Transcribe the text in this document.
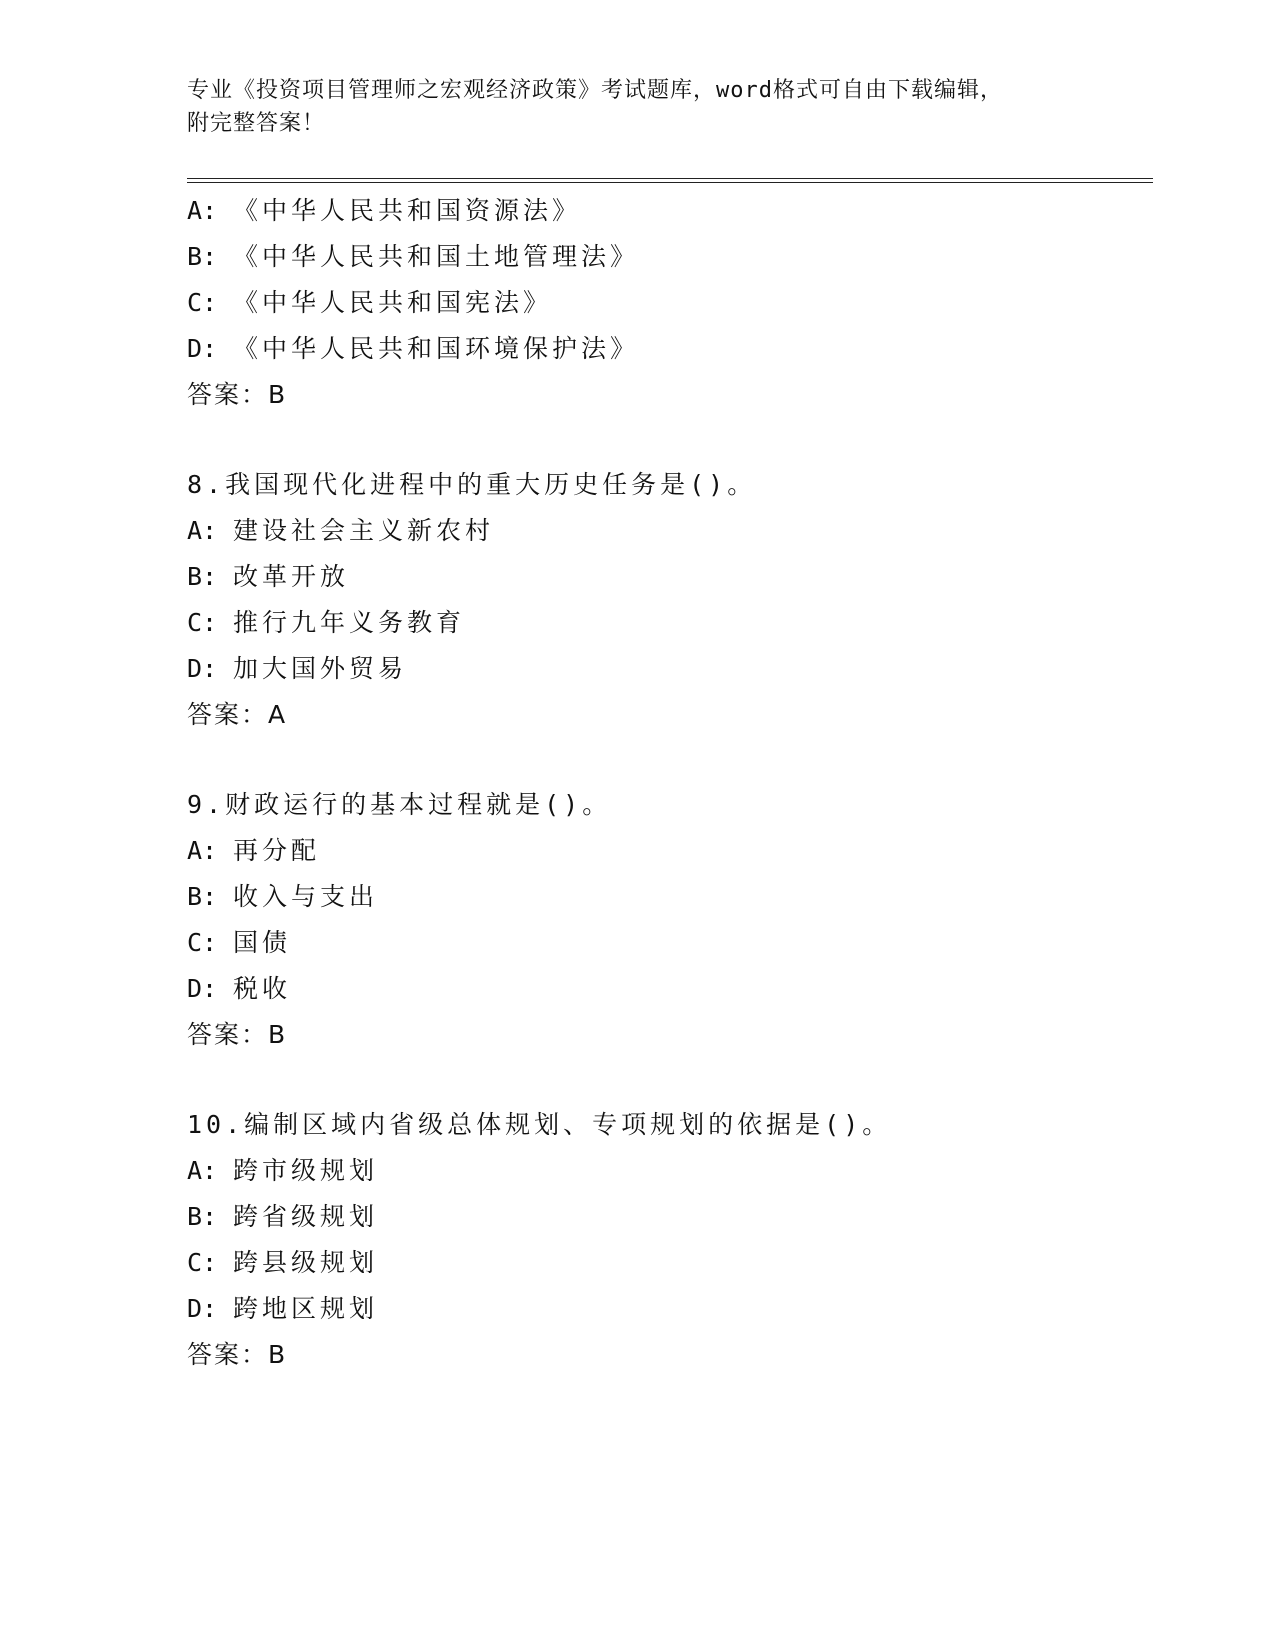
专业《投资项目管理师之宏观经济政策》考试题库，word格式可自由下载编辑，
附完整答案！
A: 《中华人民共和国资源法》
B: 《中华人民共和国土地管理法》
C: 《中华人民共和国宪法》
D: 《中华人民共和国环境保护法》
答案：B
8.我国现代化进程中的重大历史任务是()。
A: 建设社会主义新农村
B: 改革开放
C: 推行九年义务教育
D: 加大国外贸易
答案：A
9.财政运行的基本过程就是()。
A: 再分配
B: 收入与支出
C: 国债
D: 税收
答案：B
10.编制区域内省级总体规划、专项规划的依据是()。
A: 跨市级规划
B: 跨省级规划
C: 跨县级规划
D: 跨地区规划
答案：B
